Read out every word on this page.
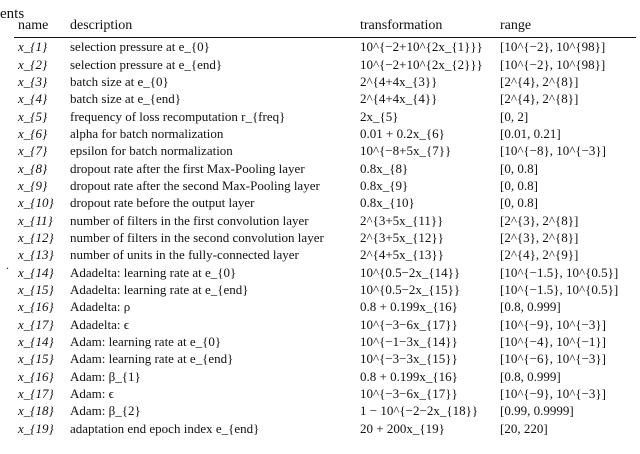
ents
.
name	description	transformation	range
x_{1}	selection pressure at e_{0}	10^{−2+10^{2x_{1}}}	[10^{−2}, 10^{98}]
x_{2}	selection pressure at e_{end}	10^{−2+10^{2x_{2}}}	[10^{−2}, 10^{98}]
x_{3}	batch size at e_{0}	2^{4+4x_{3}}	[2^{4}, 2^{8}]
x_{4}	batch size at e_{end}	2^{4+4x_{4}}	[2^{4}, 2^{8}]
x_{5}	frequency of loss recomputation r_{freq}	2x_{5}	[0, 2]
x_{6}	alpha for batch normalization	0.01 + 0.2x_{6}	[0.01, 0.21]
x_{7}	epsilon for batch normalization	10^{−8+5x_{7}}	[10^{−8}, 10^{−3}]
x_{8}	dropout rate after the first Max-Pooling layer	0.8x_{8}	[0, 0.8]
x_{9}	dropout rate after the second Max-Pooling layer	0.8x_{9}	[0, 0.8]
x_{10}	dropout rate before the output layer	0.8x_{10}	[0, 0.8]
x_{11}	number of filters in the first convolution layer	2^{3+5x_{11}}	[2^{3}, 2^{8}]
x_{12}	number of filters in the second convolution layer	2^{3+5x_{12}}	[2^{3}, 2^{8}]
x_{13}	number of units in the fully-connected layer	2^{4+5x_{13}}	[2^{4}, 2^{9}]
x_{14}	Adadelta: learning rate at e_{0}	10^{0.5−2x_{14}}	[10^{−1.5}, 10^{0.5}]
x_{15}	Adadelta: learning rate at e_{end}	10^{0.5−2x_{15}}	[10^{−1.5}, 10^{0.5}]
x_{16}	Adadelta: ρ	0.8 + 0.199x_{16}	[0.8, 0.999]
x_{17}	Adadelta: ϵ	10^{−3−6x_{17}}	[10^{−9}, 10^{−3}]
x_{14}	Adam: learning rate at e_{0}	10^{−1−3x_{14}}	[10^{−4}, 10^{−1}]
x_{15}	Adam: learning rate at e_{end}	10^{−3−3x_{15}}	[10^{−6}, 10^{−3}]
x_{16}	Adam: β_{1}	0.8 + 0.199x_{16}	[0.8, 0.999]
x_{17}	Adam: ϵ	10^{−3−6x_{17}}	[10^{−9}, 10^{−3}]
x_{18}	Adam: β_{2}	1 − 10^{−2−2x_{18}}	[0.99, 0.9999]
x_{19}	adaptation end epoch index e_{end}	20 + 200x_{19}	[20, 220]
